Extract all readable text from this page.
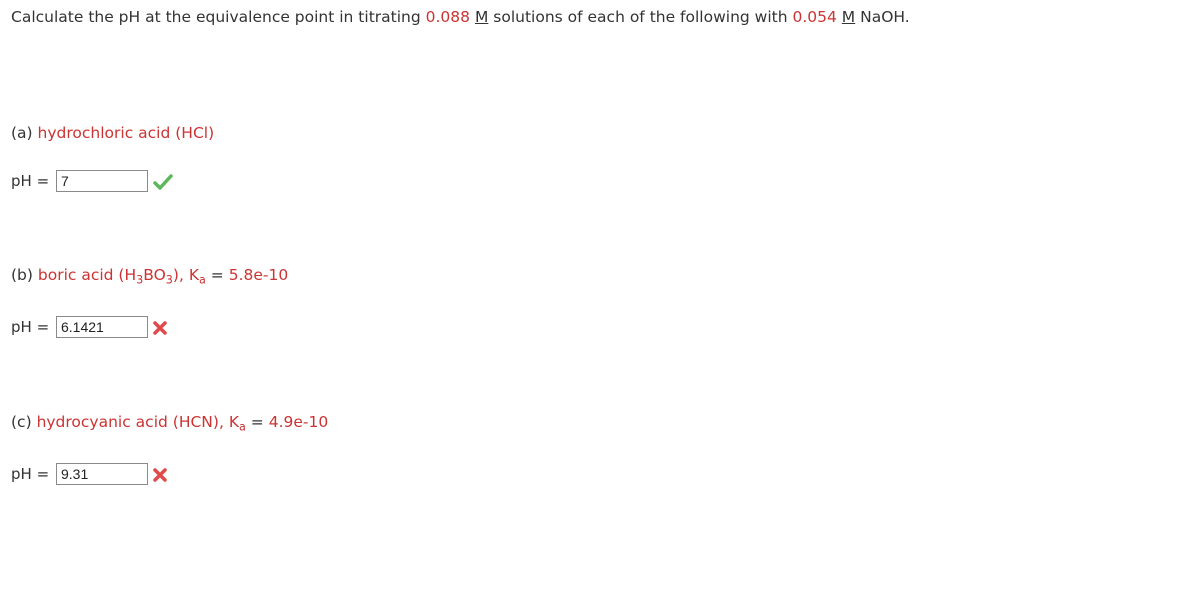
Calculate the pH at the equivalence point in titrating 0.088 M solutions of each of the following with 0.054 M NaOH.
(a) hydrochloric acid (HCl)
pH = 7
(b) boric acid $(H_3BO_3)$, $K_a = 5.8e-10$
pH = 6.1421
(c) hydrocyanic acid (HCN), $K_a = 4.9e-10$
pH = 9.31
